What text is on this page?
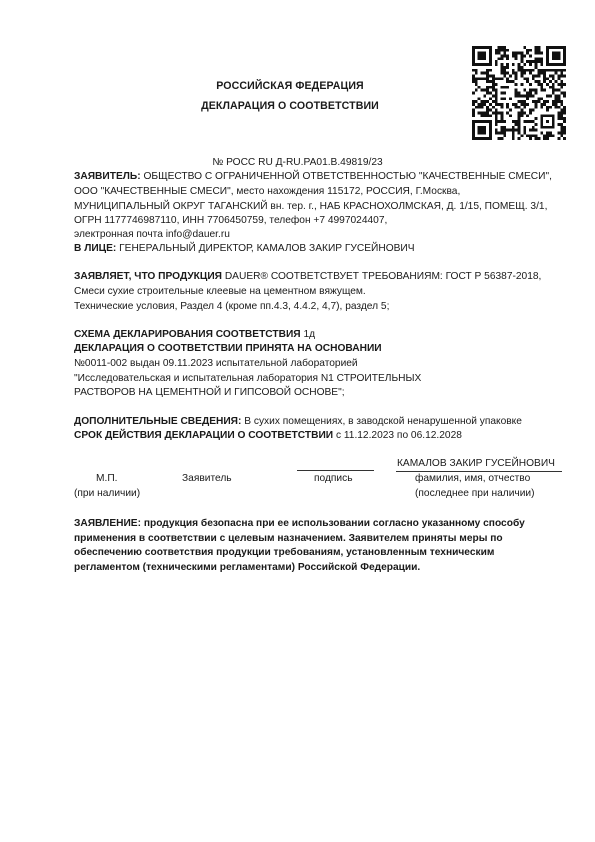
РОССИЙСКАЯ ФЕДЕРАЦИЯ
ДЕКЛАРАЦИЯ О СООТВЕТСТВИИ
№ РОСС RU Д-RU.РА01.В.49819/23
ЗАЯВИТЕЛЬ: ОБЩЕСТВО С ОГРАНИЧЕННОЙ ОТВЕТСТВЕННОСТЬЮ "КАЧЕСТВЕННЫЕ СМЕСИ",
ООО "КАЧЕСТВЕННЫЕ СМЕСИ", место нахождения 115172, РОССИЯ, Г.Москва,
МУНИЦИПАЛЬНЫЙ ОКРУГ ТАГАНСКИЙ вн. тер. г., НАБ КРАСНОХОЛМСКАЯ, Д. 1/15, ПОМЕЩ. 3/1,
ОГРН 1177746987110, ИНН 7706450759, телефон +7 4997024407,
электронная почта info@dauer.ru
В ЛИЦЕ: ГЕНЕРАЛЬНЫЙ ДИРЕКТОР, КАМАЛОВ ЗАКИР ГУСЕЙНОВИЧ
ЗАЯВЛЯЕТ, ЧТО ПРОДУКЦИЯ DAUER® СООТВЕТСТВУЕТ ТРЕБОВАНИЯМ: ГОСТ Р 56387-2018,
Смеси сухие строительные клеевые на цементном вяжущем.
Технические условия, Раздел 4 (кроме пп.4.3, 4.4.2, 4,7), раздел 5;
СХЕМА ДЕКЛАРИРОВАНИЯ СООТВЕТСТВИЯ 1д
ДЕКЛАРАЦИЯ О СООТВЕТСТВИИ ПРИНЯТА НА ОСНОВАНИИ
№0011-002 выдан 09.11.2023 испытательной лабораторией
"Исследовательская и испытательная лаборатория N1 СТРОИТЕЛЬНЫХ
РАСТВОРОВ НА ЦЕМЕНТНОЙ И ГИПСОВОЙ ОСНОВЕ";
ДОПОЛНИТЕЛЬНЫЕ СВЕДЕНИЯ: В сухих помещениях, в заводской ненарушенной упаковке
СРОК ДЕЙСТВИЯ ДЕКЛАРАЦИИ О СООТВЕТСТВИИ с 11.12.2023 по 06.12.2028
КАМАЛОВ ЗАКИР ГУСЕЙНОВИЧ
М.П.	Заявитель	подпись	фамилия, имя, отчество
(при наличии)	(последнее при наличии)
ЗАЯВЛЕНИЕ: продукция безопасна при ее использовании согласно указанному способу
применения в соответствии с целевым назначением. Заявителем приняты меры по
обеспечению соответствия продукции требованиям, установленным техническим
регламентом (техническими регламентами) Российской Федерации.
